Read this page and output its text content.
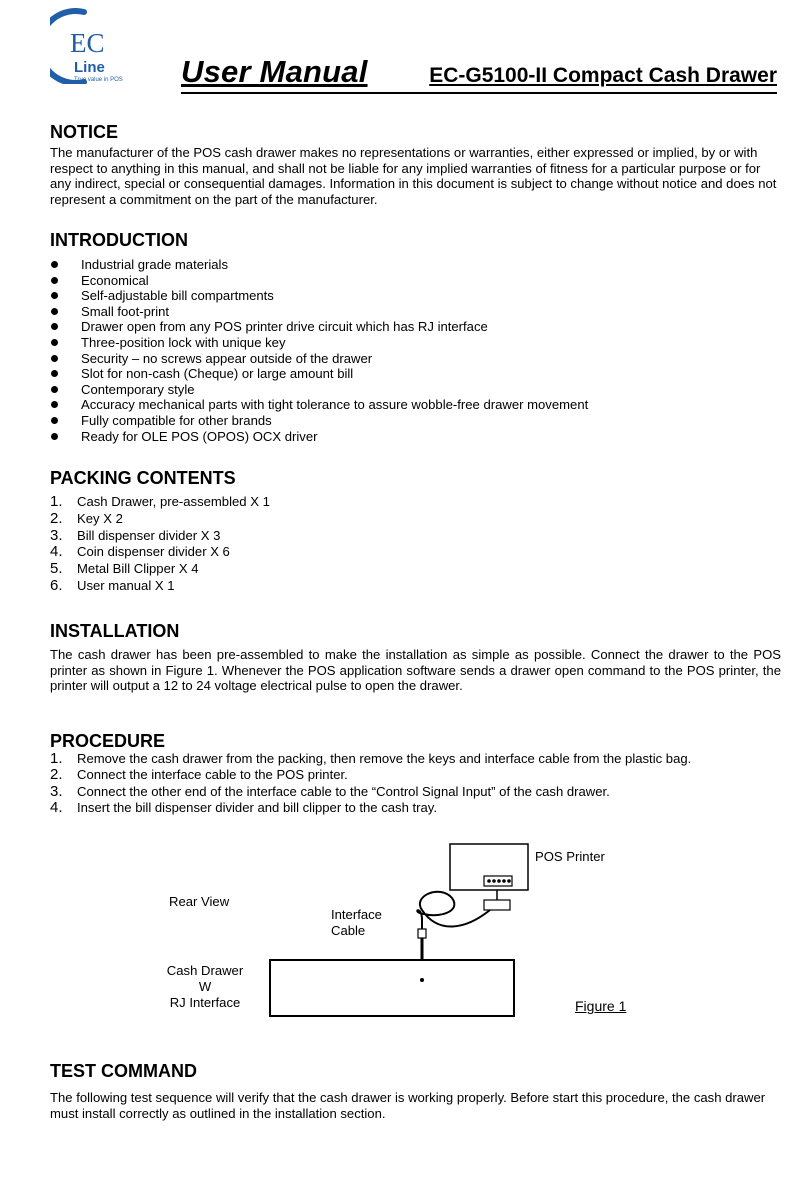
EC
Line
True value in POS User Manual	EC-G5100-II Compact Cash Drawer
NOTICE

The manufacturer of the POS cash drawer makes no representations or warranties, either expressed or implied, by or with respect to anything in this manual, and shall not be liable for any implied warranties of fitness for a particular purpose or for any indirect, special or consequential damages. Information in this document is subject to change without notice and does not represent a commitment on the part of the manufacturer.

INTRODUCTION
Industrial grade materials
Economical
Self-adjustable bill compartments
Small foot-print
Drawer open from any POS printer drive circuit which has RJ interface
Three-position lock with unique key
Security – no screws appear outside of the drawer
Slot for non-cash (Cheque) or large amount bill
Contemporary style
Accuracy mechanical parts with tight tolerance to assure wobble-free drawer movement
Fully compatible for other brands
Ready for OLE POS (OPOS) OCX driver
PACKING CONTENTS
1. Cash Drawer, pre-assembled X 1
2. Key X 2
3. Bill dispenser divider X 3
4. Coin dispenser divider X 6
5. Metal Bill Clipper X 4
6. User manual X 1
INSTALLATION

The cash drawer has been pre-assembled to make the installation as simple as possible. Connect the drawer to the POS printer as shown in Figure 1. Whenever the POS application software sends a drawer open command to the POS printer, the printer will output a 12 to 24 voltage electrical pulse to open the drawer.

PROCEDURE
1. Remove the cash drawer from the packing, then remove the keys and interface cable from the plastic bag.
2. Connect the interface cable to the POS printer.
3. Connect the other end of the interface cable to the “Control Signal Input” of the cash drawer.
4. Insert the bill dispenser divider and bill clipper to the cash tray.
POS Printer
Rear View
Interface
Cable
Cash Drawer
W
RJ Interface	Figure 1
TEST COMMAND

The following test sequence will verify that the cash drawer is working properly. Before start this procedure, the cash drawer must install correctly as outlined in the installation section.
